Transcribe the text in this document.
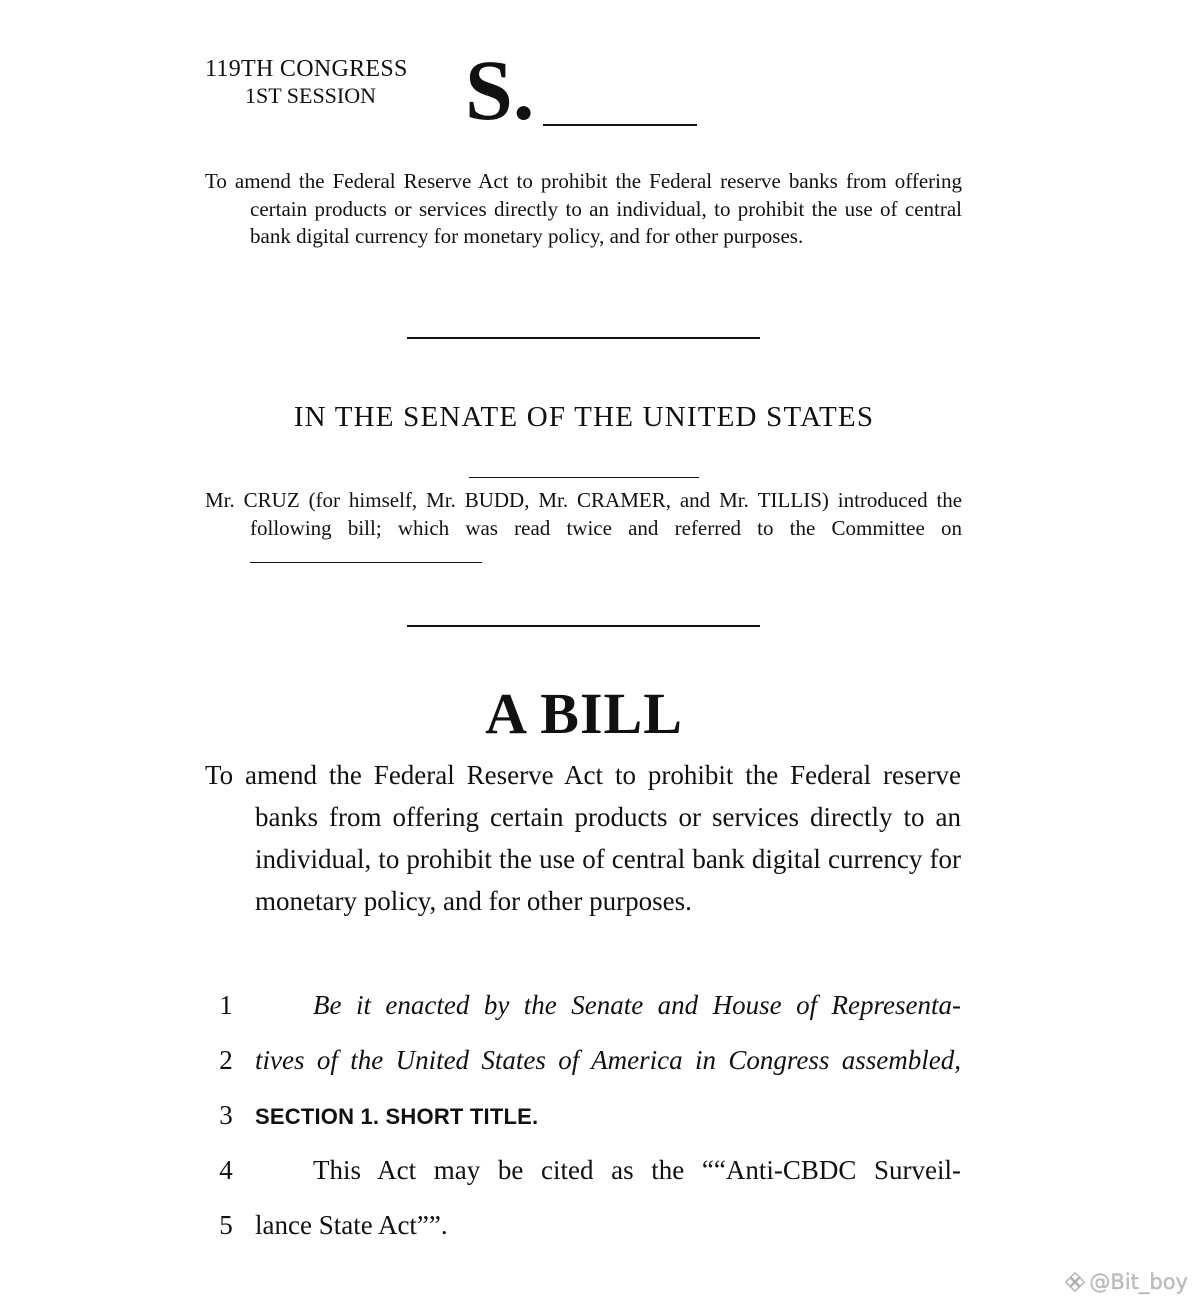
119TH CONGRESS
1ST SESSION S.
To amend the Federal Reserve Act to prohibit the Federal reserve banks from offering certain products or services directly to an individual, to prohibit the use of central bank digital currency for monetary policy, and for other purposes.
IN THE SENATE OF THE UNITED STATES
Mr. CRUZ (for himself, Mr. BUDD, Mr. CRAMER, and Mr. TILLIS) introduced the following bill; which was read twice and referred to the Committee on
A BILL
To amend the Federal Reserve Act to prohibit the Federal reserve banks from offering certain products or services directly to an individual, to prohibit the use of central bank digital currency for monetary policy, and for other purposes.
1	Be it enacted by the Senate and House of Representa-
2 tives of the United States of America in Congress assembled,
3	SECTION 1. SHORT TITLE.
4	This Act may be cited as the ““Anti-CBDC Surveil-
5 lance State Act””.
@Bit_boy
